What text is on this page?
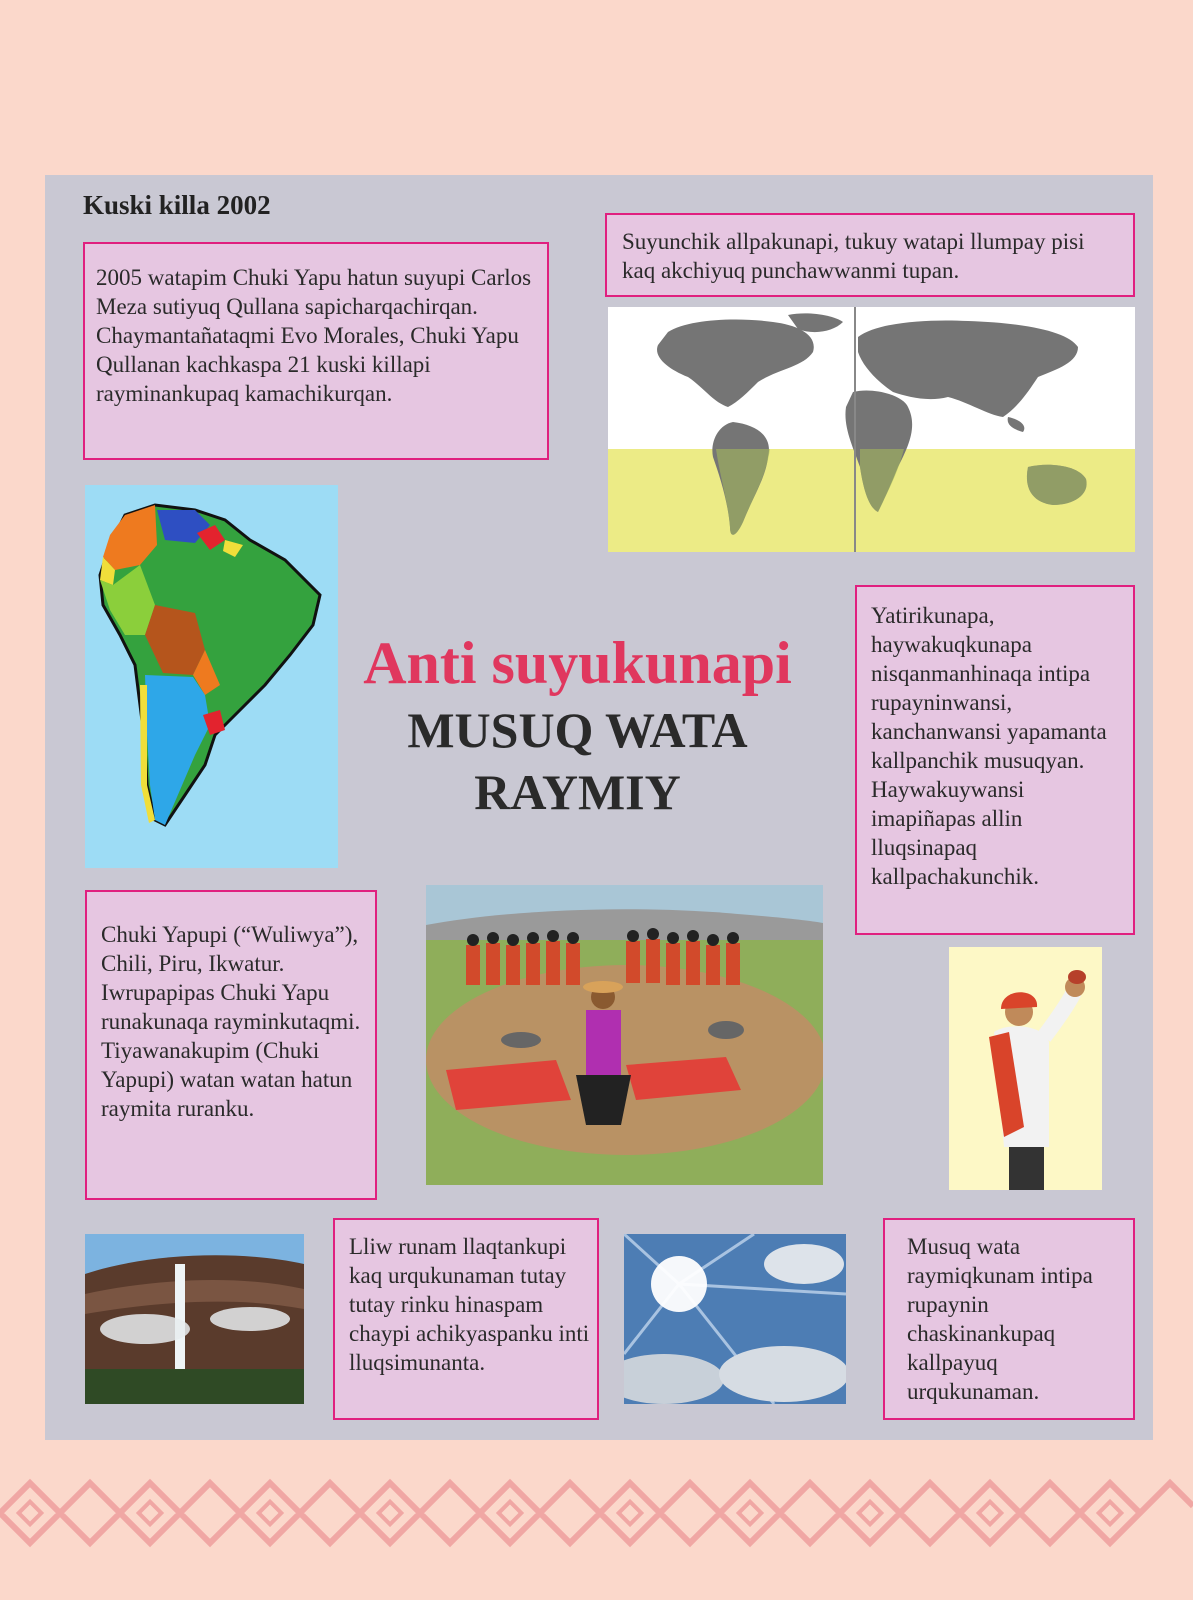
Kuski killa 2002
2005 watapim Chuki Yapu hatun suyupi Carlos Meza sutiyuq Qullana sapicharqachirqan. Chaymantañataqmi Evo Morales, Chuki Yapu Qullanan kachkaspa 21 kuski killapi rayminankupaq kamachikurqan.
Suyunchik allpakunapi, tukuy watapi llumpay pisi kaq akchiyuq punchawwanmi tupan.
Anti suyukunapi
MUSUQ WATA
RAYMIY
Yatirikunapa, haywakuqkunapa nisqanmanhinaqa intipa rupayninwansi, kanchanwansi yapamanta kallpanchik musuqyan. Haywakuywansi imapiñapas allin lluqsinapaq kallpachakunchik.
Chuki Yapupi (“Wuliwya”), Chili, Piru, Ikwatur. Iwrupapipas Chuki Yapu runakunaqa rayminkutaqmi. Tiyawanakupim (Chuki Yapupi) watan watan hatun raymita ruranku.
Lliw runam llaqtankupi kaq urqukunaman tutay tutay rinku hinaspam chaypi achikyaspanku inti lluqsimunanta.
Musuq wata raymiqkunam intipa rupaynin chaskinankupaq kallpayuq urqukunaman.
